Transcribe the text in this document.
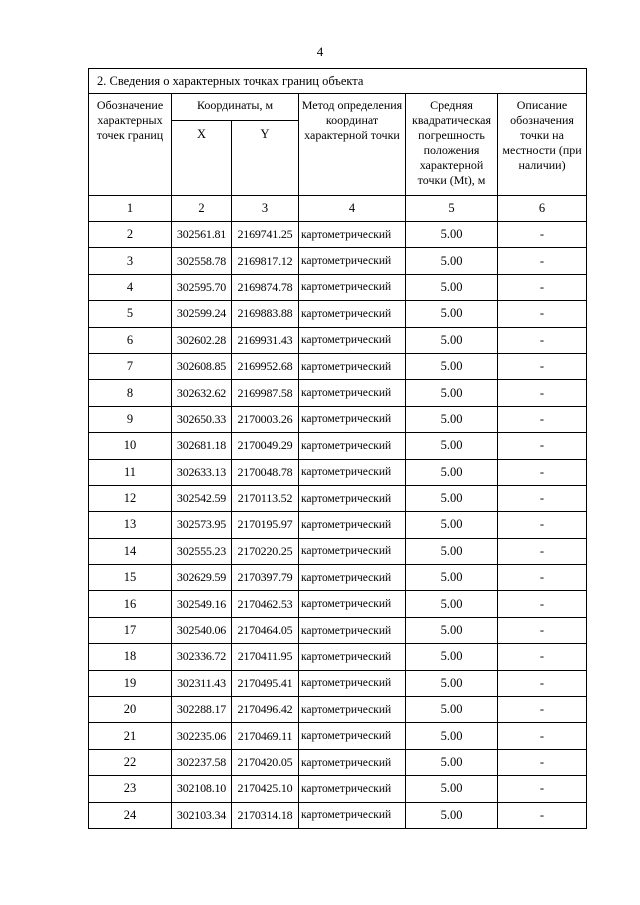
4
2. Сведения о характерных точках границ объекта					
Обозначение характерных точек границ	Координаты, м		Метод определения координат характерной точки	Средняя квадратическая погрешность положения характерной точки (Mt), м	Описание обозначения точки на местности (при наличии)
	X	Y			
1	2	3	4	5	6
2	302561.81	2169741.25	картометрический	5.00	-
3	302558.78	2169817.12	картометрический	5.00	-
4	302595.70	2169874.78	картометрический	5.00	-
5	302599.24	2169883.88	картометрический	5.00	-
6	302602.28	2169931.43	картометрический	5.00	-
7	302608.85	2169952.68	картометрический	5.00	-
8	302632.62	2169987.58	картометрический	5.00	-
9	302650.33	2170003.26	картометрический	5.00	-
10	302681.18	2170049.29	картометрический	5.00	-
11	302633.13	2170048.78	картометрический	5.00	-
12	302542.59	2170113.52	картометрический	5.00	-
13	302573.95	2170195.97	картометрический	5.00	-
14	302555.23	2170220.25	картометрический	5.00	-
15	302629.59	2170397.79	картометрический	5.00	-
16	302549.16	2170462.53	картометрический	5.00	-
17	302540.06	2170464.05	картометрический	5.00	-
18	302336.72	2170411.95	картометрический	5.00	-
19	302311.43	2170495.41	картометрический	5.00	-
20	302288.17	2170496.42	картометрический	5.00	-
21	302235.06	2170469.11	картометрический	5.00	-
22	302237.58	2170420.05	картометрический	5.00	-
23	302108.10	2170425.10	картометрический	5.00	-
24	302103.34	2170314.18	картометрический	5.00	-
